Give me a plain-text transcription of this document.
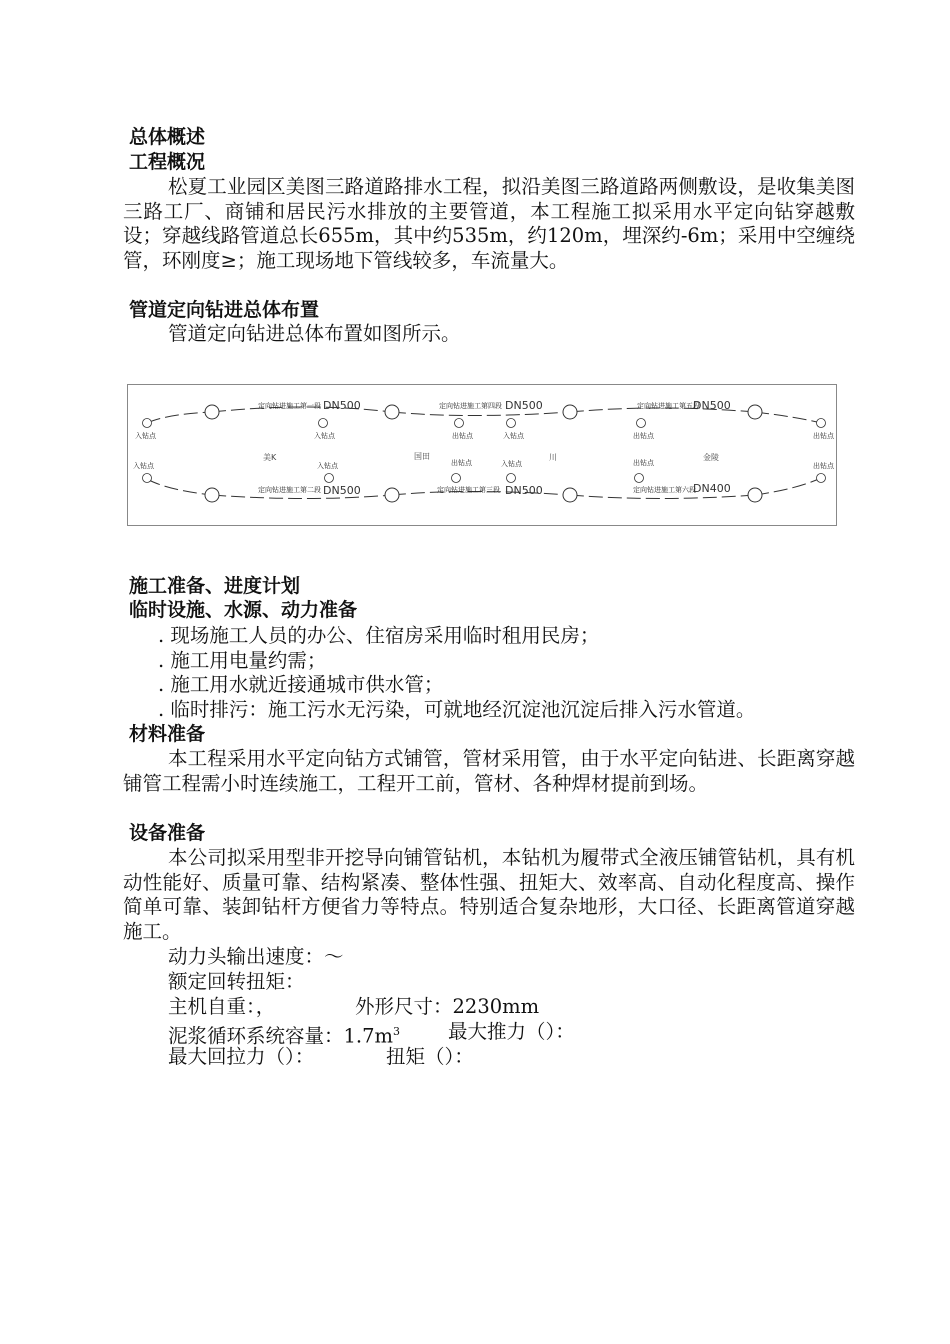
总体概述
工程概况

松夏工业园区美图三路道路排水工程，拟沿美图三路道路两侧敷设，是收集美图三路工厂、商铺和居民污水排放的主要管道，本工程施工拟采用水平定向钻穿越敷设；穿越线路管道总长655m，其中约535m，约120m，埋深约-6m；采用中空缠绕管，环刚度≥；施工现场地下管线较多，车流量大。

管道定向钻进总体布置

管道定向钻进总体布置如图所示。

定向钻进施工第一段	定向钻进施工第四段	定向钻进施工第五段
定向钻进施工第二段	定向钻进施工第三段	定向钻进施工第六段
DN500	DN500	DN500
DN500	DN500	DN400
入钻点	入钻点	出钻点	入钻点	出钻点	出钻点
入钻点	入钻点	出钻点	入钻点	出钻点	出钻点
美K	国田	川	金陵
施工准备、进度计划
临时设施、水源、动力准备

. 现场施工人员的办公、住宿房采用临时租用民房；

. 施工用电量约需；

. 施工用水就近接通城市供水管；

. 临时排污：施工污水无污染，可就地经沉淀池沉淀后排入污水管道。

材料准备

本工程采用水平定向钻方式铺管，管材采用管，由于水平定向钻进、长距离穿越铺管工程需小时连续施工，工程开工前，管材、各种焊材提前到场。

设备准备

本公司拟采用型非开挖导向铺管钻机，本钻机为履带式全液压铺管钻机，具有机动性能好、质量可靠、结构紧凑、整体性强、扭矩大、效率高、自动化程度高、操作简单可靠、装卸钻杆方便省力等特点。特别适合复杂地形，大口径、长距离管道穿越施工。

动力头输出速度：～
额定回转扭矩：
主机自重：，	外形尺寸：2230mm
泥浆循环系统容量：$1.7m^3$ 最大推力（）：
最大回拉力（）：	扭矩（）：
